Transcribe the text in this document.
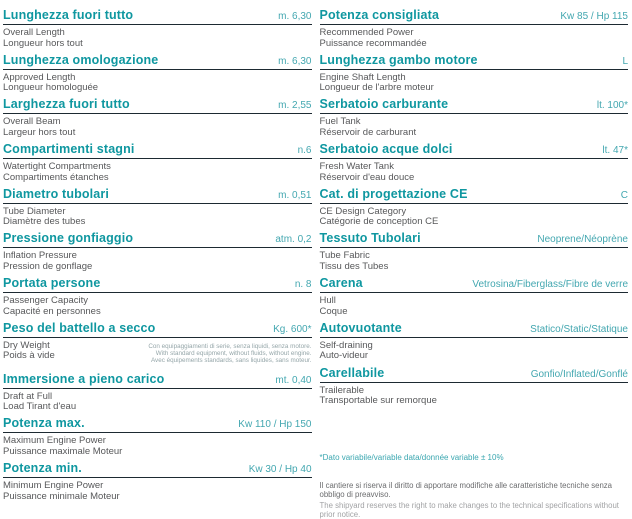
Lunghezza fuori tutto	m. 6,30
Overall Length
Longueur hors tout
Lunghezza omologazione	m. 6,30
Approved Length
Longueur homologuée
Larghezza fuori tutto	m. 2,55
Overall Beam
Largeur hors tout
Compartimenti stagni	n.6
Watertight Compartments
Compartiments étanches
Diametro tubolari	m. 0,51
Tube Diameter
Diamètre des tubes
Pressione gonfiaggio	atm. 0,2
Inflation Pressure
Pression de gonflage
Portata persone	n. 8
Passenger Capacity
Capacité en personnes
Peso del battello a secco	Kg. 600*
Dry Weight
Poids à vide
Con equipaggiamenti di serie, senza liquidi, senza motore.
With standard equipment, without fluids, without engine.
Avec équipements standards, sans liquides, sans moteur.
Immersione a pieno carico	mt. 0,40
Draft at Full
Load Tirant d'eau
Potenza max.	Kw 110 / Hp 150
Maximum Engine Power
Puissance maximale Moteur
Potenza min.	Kw 30 / Hp 40
Minimum Engine Power
Puissance minimale Moteur
Potenza consigliata	Kw 85 / Hp 115
Recommended Power
Puissance recommandée
Lunghezza gambo motore	L
Engine Shaft Length
Longueur de l'arbre moteur
Serbatoio carburante	lt. 100*
Fuel Tank
Réservoir de carburant
Serbatoio acque dolci	lt. 47*
Fresh Water Tank
Réservoir d'eau douce
Cat. di progettazione CE	C
CE Design Category
Catégorie de conception CE
Tessuto Tubolari	Neoprene/Néoprène
Tube Fabric
Tissu des Tubes
Carena	Vetrosina/Fiberglass/Fibre de verre
Hull
Coque
Autovuotante	Statico/Static/Statique
Self-draining
Auto-videur
Carellabile	Gonfio/Inflated/Gonflé
Trailerable
Transportable sur remorque
*Dato variabile/variable data/donnée variable ± 10%
Il cantiere si riserva il diritto di apportare modifiche alle caratteristiche tecniche senza obbligo di preavviso.
The shipyard reserves the right to make changes to the technical specifications without prior notice.
